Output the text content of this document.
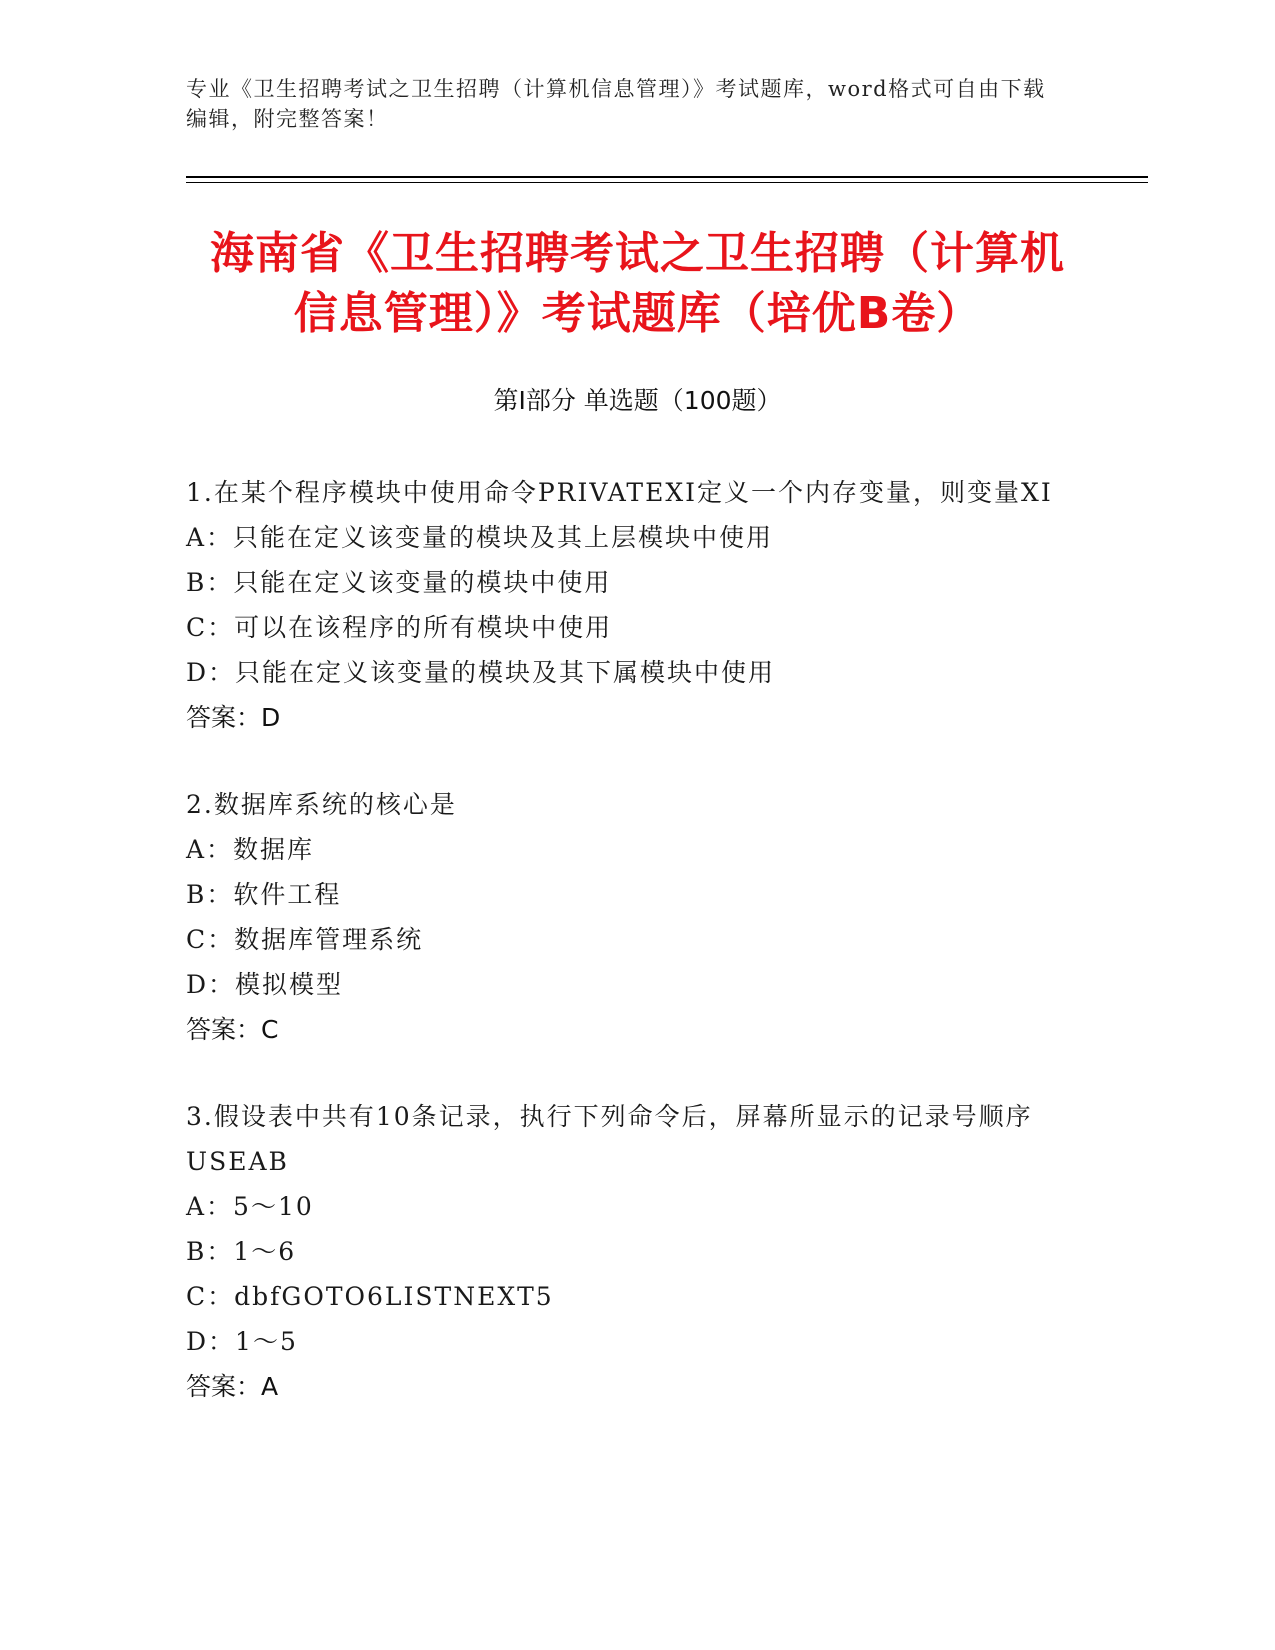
专业《卫生招聘考试之卫生招聘（计算机信息管理）》考试题库，word格式可自由下载编辑，附完整答案！
海南省《卫生招聘考试之卫生招聘（计算机
信息管理）》考试题库（培优B卷）
第I部分 单选题（100题）
1.在某个程序模块中使用命令PRIVATEXI定义一个内存变量，则变量XI
A：只能在定义该变量的模块及其上层模块中使用
B：只能在定义该变量的模块中使用
C：可以在该程序的所有模块中使用
D：只能在定义该变量的模块及其下属模块中使用
答案：D
2.数据库系统的核心是
A：数据库
B：软件工程
C：数据库管理系统
D：模拟模型
答案：C
3.假设表中共有10条记录，执行下列命令后，屏幕所显示的记录号顺序USEAB
A：5～10
B：1～6
C：dbfGOTO6LISTNEXT5
D：1～5
答案：A
